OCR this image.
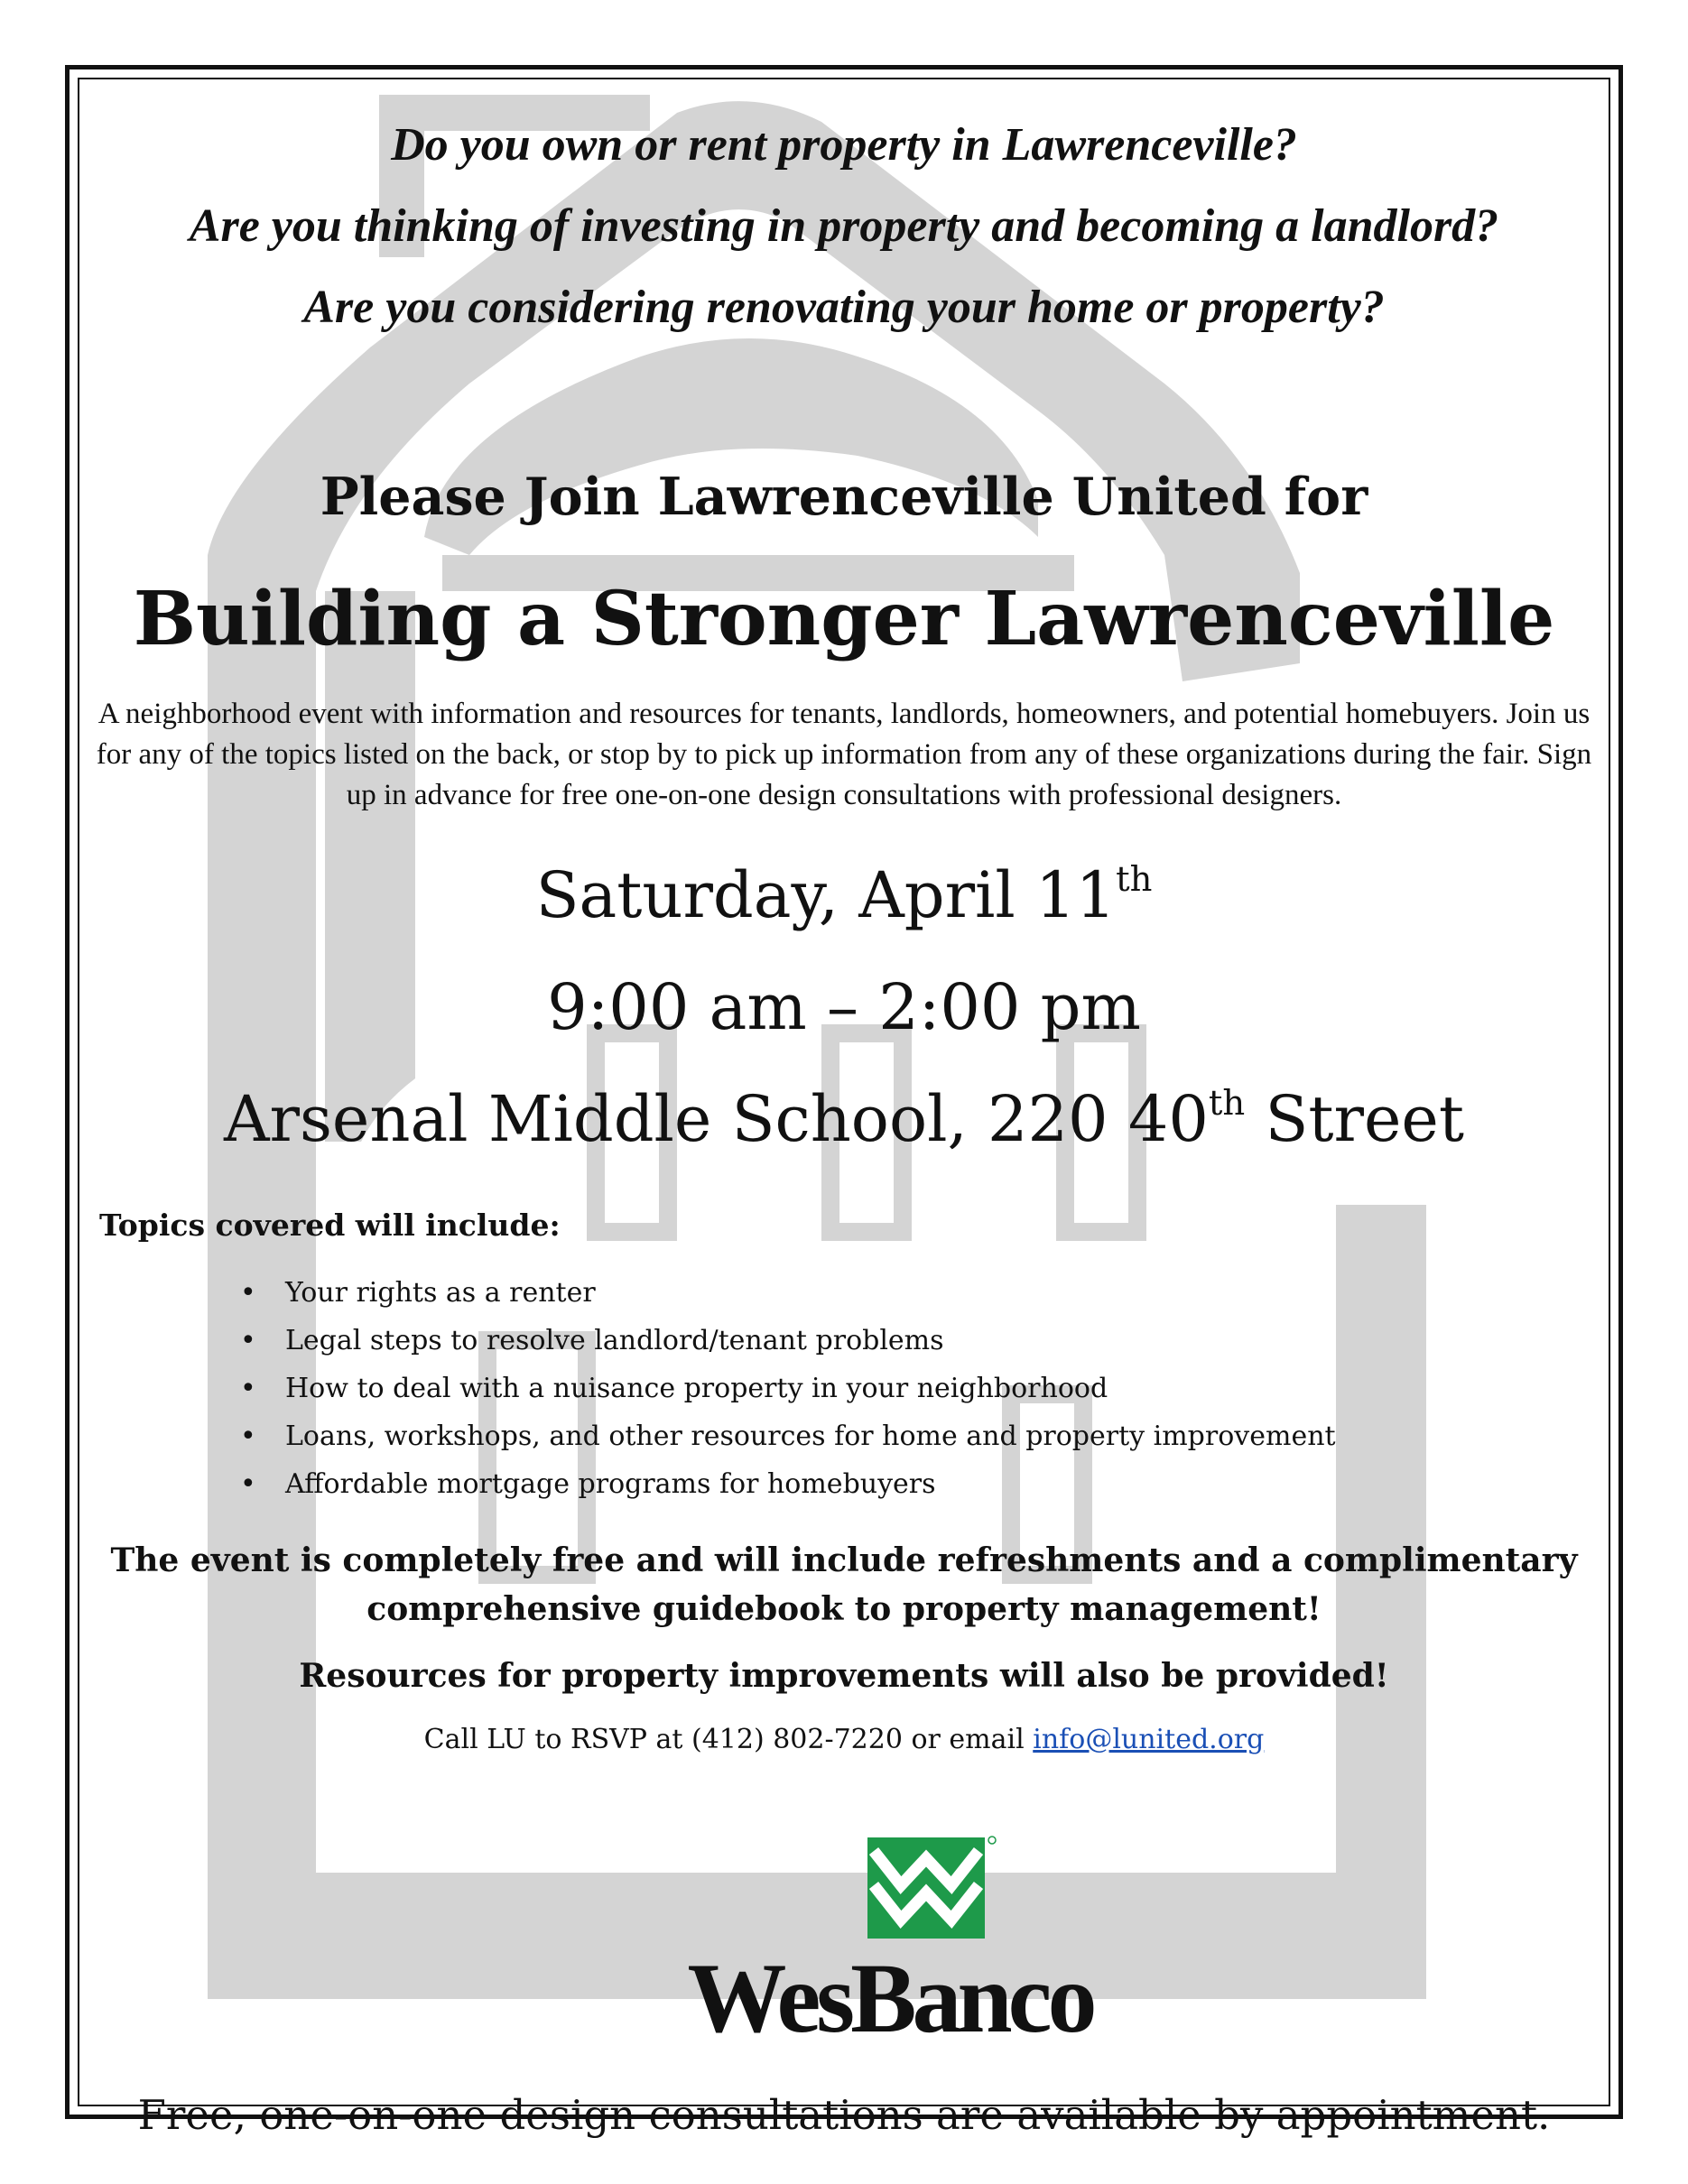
Do you own or rent property in Lawrenceville?
Are you thinking of investing in property and becoming a landlord?
Are you considering renovating your home or property?
Please Join Lawrenceville United for
Building a Stronger Lawrenceville
A neighborhood event with information and resources for tenants, landlords, homeowners, and potential homebuyers. Join us for any of the topics listed on the back, or stop by to pick up information from any of these organizations during the fair. Sign up in advance for free one-on-one design consultations with professional designers.
Saturday, April 11th
9:00 am – 2:00 pm
Arsenal Middle School, 220 40th Street
Topics covered will include:
• Your rights as a renter
• Legal steps to resolve landlord/tenant problems
• How to deal with a nuisance property in your neighborhood
• Loans, workshops, and other resources for home and property improvement
• Affordable mortgage programs for homebuyers
The event is completely free and will include refreshments and a complimentary comprehensive guidebook to property management!
Resources for property improvements will also be provided!
Call LU to RSVP at (412) 802-7220 or email info@lunited.org
WesBanco
Free, one-on-one design consultations are available by appointment.
